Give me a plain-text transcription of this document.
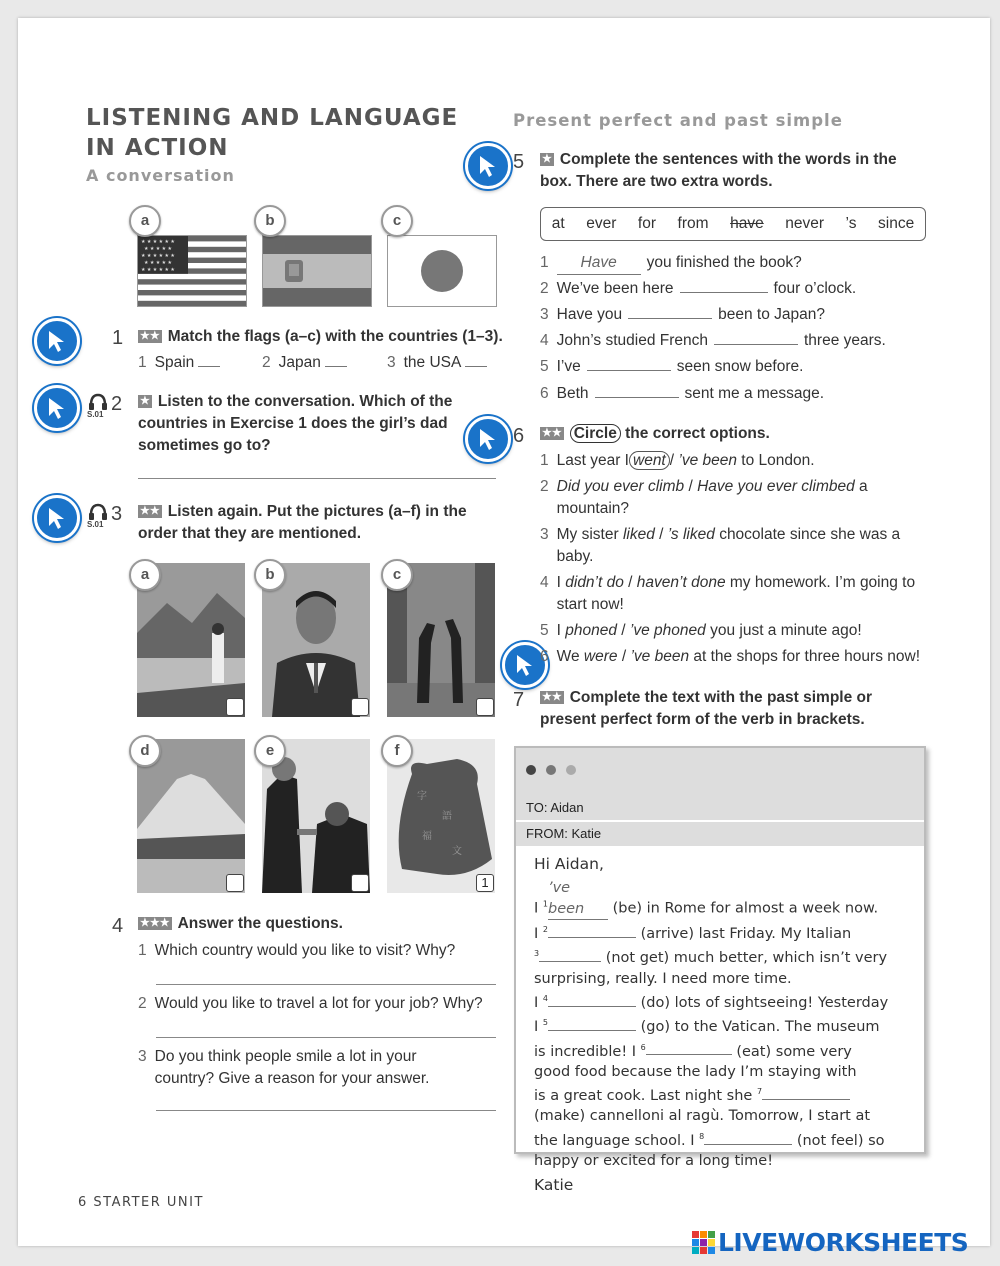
LISTENING AND LANGUAGE
IN ACTION
A conversation
Present perfect and past simple
★ ★ ★ ★ ★ ★
★ ★ ★ ★ ★
★ ★ ★ ★ ★ ★
★ ★ ★ ★ ★
★ ★ ★ ★ ★ ★
a	b	c
1 ★★ Match the flags (a–c) with the countries (1–3).
1 Spain	2 Japan	3 the USA
S.01 2 ★ Listen to the conversation. Which of the countries in Exercise 1 does the girl’s dad sometimes go to?
S.01 3 ★★ Listen again. Put the pictures (a–f) in the order that they are mentioned.
字
語
福
文
a	b	c
d	e	f
1
4 ★★★ Answer the questions.
1 Which country would you like to visit? Why?
2 Would you like to travel a lot for your job? Why?
3 Do you think people smile a lot in your country? Give a reason for your answer.
5 ★ Complete the sentences with the words in the box. There are two extra words.
at ever for from have never ’s since
1 Have you finished the book?
2 We’ve been here	four o’clock.
3 Have you	been to Japan?
4 John’s studied French	three years.
5 I’ve	seen snow before.
6 Beth	sent me a message.
6 ★★ Circle the correct options.
1 Last year I went / ’ve been to London.
2 Did you ever climb / Have you ever climbed a mountain?
3 My sister liked / ’s liked chocolate since she was a baby.
4 I didn’t do / haven’t done my homework. I’m going to start now!
5 I phoned / ’ve phoned you just a minute ago!
6 We were / ’ve been at the shops for three hours now!
7 ★★ Complete the text with the past simple or present perfect form of the verb in brackets.
TO: Aidan
FROM: Katie
Hi Aidan,
I $^1$’ve been (be) in Rome for almost a week now.
I $^2$	(arrive) last Friday. My Italian
$^3$	(not get) much better, which isn’t very
surprising, really. I need more time.
I $^4$	(do) lots of sightseeing! Yesterday
I $^5$	(go) to the Vatican. The museum
is incredible! I $^6$	(eat) some very
good food because the lady I’m staying with
is a great cook. Last night she $^7$
(make) cannelloni al ragù. Tomorrow, I start at
the language school. I $^8$	(not feel) so
happy or excited for a long time!
Katie
6 STARTER UNIT
LIVEWORKSHEETS
